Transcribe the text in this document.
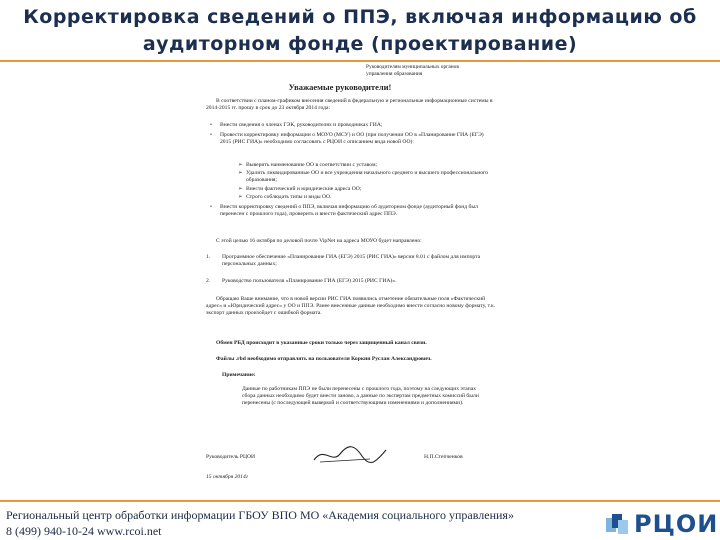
Корректировка сведений о ППЭ, включая информацию об
аудиторном фонде (проектирование)
Руководителям муниципальных органов
управления образования
Уважаемые руководители!
В соответствии с планом-графиком внесения сведений в федеральную и региональные информационные системы в 2014-2015 гг. прошу в срок до 23 октября 2014 года:
• Внести сведения о членах ГЭК, руководителях и проводниках ГИА;
• Провести корректировку информации о МОУО (МСУ) и ОО (при получении ОО в «Планирование ГИА (ЕГЭ) 2015 (РИС ГИА)» необходимо согласовать с РЦОИ с описанием вида новой ОО):
➢ Выверить наименование ОО в соответствии с уставом;
➢ Удалить ликвидированные ОО и все учреждения начального среднего и высшего профессионального образования;
➢ Внести фактический и юридические адреса ОО;
➢ Строго соблюдать типы и виды ОО.
• Внести корректировку сведений о ППЭ, включая информацию об аудиторном фонде (аудиторный фонд был перенесен с прошлого года), проверить и внести фактический адрес ППЭ.
С этой целью 16 октября по деловой почте VipNet на адреса МОУО будет направлено:
1. Программное обеспечение «Планирование ГИА (ЕГЭ) 2015 (РИС ГИА)» версии 8.01 с файлом для импорта персональных данных;
2. Руководство пользователя «Планирование ГИА (ЕГЭ) 2015 (РИС ГИА)».
Обращаю Ваше внимание, что в новой версии РИС ГИА появились отметение обязательные поля «Фактический адрес» и «Юридический адрес» у ОО и ППЭ. Ранее внесенные данные необходимо внести согласно новому формату, т.к. экспорт данных произойдет с ошибкой формата.
Обмен РБД происходит в указанные сроки только через защищенный канал связи.
Файлы .rbd необходимо отправлять на пользователя Коркин Руслан Александрович.
Примечание:
Данные по работникам ППЭ не были перенесены с прошлого года, поэтому на следующих этапах сбора данных необходимо будет внести заново, а данные по экспертам предметных комиссий были перенесены (с последующей выверкой и соответствующими изменениями и дополнениями).
Руководитель РЦОИ	Н.П.Степченков
15 октября 2014г
Региональный центр обработки информации ГБОУ ВПО МО «Академия социального управления»
8 (499) 940-10-24 www.rcoi.net	РЦОИ
